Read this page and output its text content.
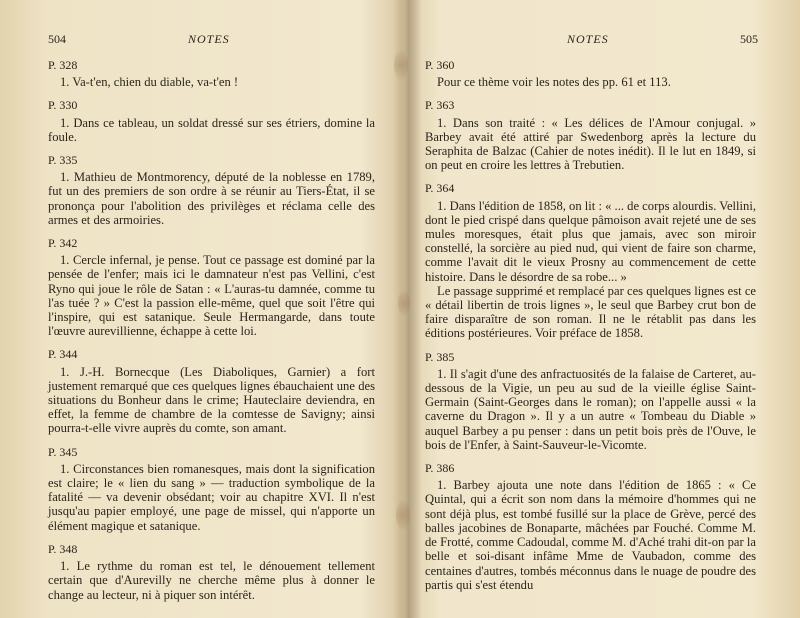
504	NOTES
P. 328

1. Va-t'en, chien du diable, va-t'en !

P. 330

1. Dans ce tableau, un soldat dressé sur ses étriers, domine la foule.

P. 335

1. Mathieu de Montmorency, député de la noblesse en 1789, fut un des premiers de son ordre à se réunir au Tiers-État, il se prononça pour l'abolition des privilèges et réclama celle des armes et des armoiries.

P. 342

1. Cercle infernal, je pense. Tout ce passage est dominé par la pensée de l'enfer; mais ici le damnateur n'est pas Vellini, c'est Ryno qui joue le rôle de Satan : « L'auras-tu damnée, comme tu l'as tuée ? » C'est la passion elle-même, quel que soit l'être qui l'inspire, qui est satanique. Seule Hermangarde, dans toute l'œuvre aurevillienne, échappe à cette loi.

P. 344

1. J.-H. Bornecque (Les Diaboliques, Garnier) a fort justement remarqué que ces quelques lignes ébauchaient une des situations du Bonheur dans le crime; Hauteclaire deviendra, en effet, la femme de chambre de la comtesse de Savigny; ainsi pourra-t-elle vivre auprès du comte, son amant.

P. 345

1. Circonstances bien romanesques, mais dont la signification est claire; le « lien du sang » — traduction symbolique de la fatalité — va devenir obsédant; voir au chapitre XVI. Il n'est jusqu'au papier employé, une page de missel, qui n'apporte un élément magique et satanique.

P. 348

1. Le rythme du roman est tel, le dénouement tellement certain que d'Aurevilly ne cherche même plus à donner le change au lecteur, ni à piquer son intérêt.

NOTES	505
P. 360

Pour ce thème voir les notes des pp. 61 et 113.

P. 363

1. Dans son traité : « Les délices de l'Amour conjugal. » Barbey avait été attiré par Swedenborg après la lecture du Seraphita de Balzac (Cahier de notes inédit). Il le lut en 1849, si on peut en croire les lettres à Trebutien.

P. 364

1. Dans l'édition de 1858, on lit : « ... de corps alourdis. Vellini, dont le pied crispé dans quelque pâmoison avait rejeté une de ses mules moresques, était plus que jamais, avec son miroir constellé, la sorcière au pied nud, qui vient de faire son charme, comme l'avait dit le vieux Prosny au commencement de cette histoire. Dans le désordre de sa robe... »

Le passage supprimé et remplacé par ces quelques lignes est ce « détail libertin de trois lignes », le seul que Barbey crut bon de faire disparaître de son roman. Il ne le rétablit pas dans les éditions postérieures. Voir préface de 1858.

P. 385

1. Il s'agit d'une des anfractuosités de la falaise de Carteret, au-dessous de la Vigie, un peu au sud de la vieille église Saint-Germain (Saint-Georges dans le roman); on l'appelle aussi « la caverne du Dragon ». Il y a un autre « Tombeau du Diable » auquel Barbey a pu penser : dans un petit bois près de l'Ouve, le bois de l'Enfer, à Saint-Sauveur-le-Vicomte.

P. 386

1. Barbey ajouta une note dans l'édition de 1865 : « Ce Quintal, qui a écrit son nom dans la mémoire d'hommes qui ne sont déjà plus, est tombé fusillé sur la place de Grève, percé des balles jacobines de Bonaparte, mâchées par Fouché. Comme M. de Frotté, comme Cadoudal, comme M. d'Aché trahi dit-on par la belle et soi-disant infâme Mme de Vaubadon, comme des centaines d'autres, tombés méconnus dans le nuage de poudre des partis qui s'est étendu
